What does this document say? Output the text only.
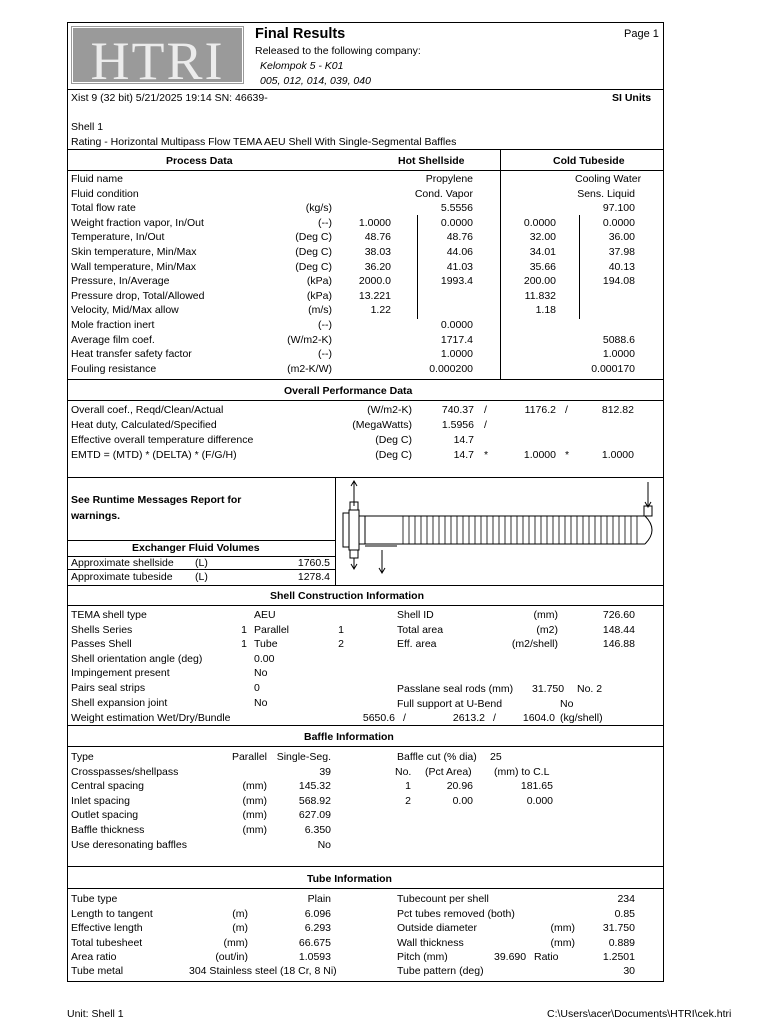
HTRI	Final Results	Page 1
Released to the following company:
Kelompok 5 - K01
005, 012, 014, 039, 040
Xist 9 (32 bit) 5/21/2025 19:14 SN: 46639-	SI Units
Shell 1
Rating - Horizontal Multipass Flow TEMA AEU Shell With Single-Segmental Baffles
Process Data	Hot Shellside	Cold Tubeside
Fluid name	Propylene	Cooling Water
Fluid condition	Cond. Vapor	Sens. Liquid
Total flow rate	(kg/s)	5.5556	97.100
Weight fraction vapor, In/Out	(--)	1.0000	0.0000	0.0000	0.0000
Temperature, In/Out	(Deg C)	48.76	48.76	32.00	36.00
Skin temperature, Min/Max	(Deg C)	38.03	44.06	34.01	37.98
Wall temperature, Min/Max	(Deg C)	36.20	41.03	35.66	40.13
Pressure, In/Average	(kPa)	2000.0	1993.4	200.00	194.08
Pressure drop, Total/Allowed	(kPa)	13.221	11.832
Velocity, Mid/Max allow	(m/s)	1.22	1.18
Mole fraction inert	(--)	0.0000
Average film coef.	(W/m2-K)	1717.4	5088.6
Heat transfer safety factor	(--)	1.0000	1.0000
Fouling resistance	(m2-K/W)	0.000200	0.000170
Overall Performance Data
Overall coef., Reqd/Clean/Actual	(W/m2-K)	740.37 /	1176.2 /	812.82
Heat duty, Calculated/Specified	(MegaWatts)	1.5956 /
Effective overall temperature difference	(Deg C)	14.7
EMTD = (MTD) * (DELTA) * (F/G/H)	(Deg C)	14.7 *	1.0000 *	1.0000
See Runtime Messages Report for
warnings.
Exchanger Fluid Volumes
Approximate shellside (L)	1760.5
Approximate tubeside (L)	1278.4
Shell Construction Information
TEMA shell type	AEU
Shells Series	1 Parallel	1
Passes Shell	1 Tube	2
Shell orientation angle (deg)	0.00
Impingement present	No
Pairs seal strips	0
Shell expansion joint	No
Shell ID	(mm)	726.60
Total area	(m2)	148.44
Eff. area	(m2/shell)	146.88
Passlane seal rods (mm) 31.750 No. 2
Full support at U-Bend	No
Weight estimation Wet/Dry/Bundle	5650.6 /	2613.2 /	1604.0 (kg/shell)
Baffle Information
Type	Parallel Single-Seg.
Crosspasses/shellpass	39
Central spacing	(mm)	145.32
Inlet spacing	(mm)	568.92
Outlet spacing	(mm)	627.09
Baffle thickness	(mm)	6.350
Use deresonating baffles	No
Baffle cut (% dia) 25
No. (Pct Area) (mm) to C.L
1	20.96	181.65
2	0.00	0.000
Tube Information
Tube type	Plain
Length to tangent	(m)	6.096
Effective length	(m)	6.293
Total tubesheet	(mm)	66.675
Area ratio	(out/in)	1.0593
Tubecount per shell	234
Pct tubes removed (both)	0.85
Outside diameter	(mm)	31.750
Wall thickness	(mm)	0.889
Tube metal	304 Stainless steel (18 Cr, 8 Ni)
Pitch (mm)	39.690 Ratio	1.2501
Tube pattern (deg)	30
Unit: Shell 1	C:\Users\acer\Documents\HTRI\cek.htri
